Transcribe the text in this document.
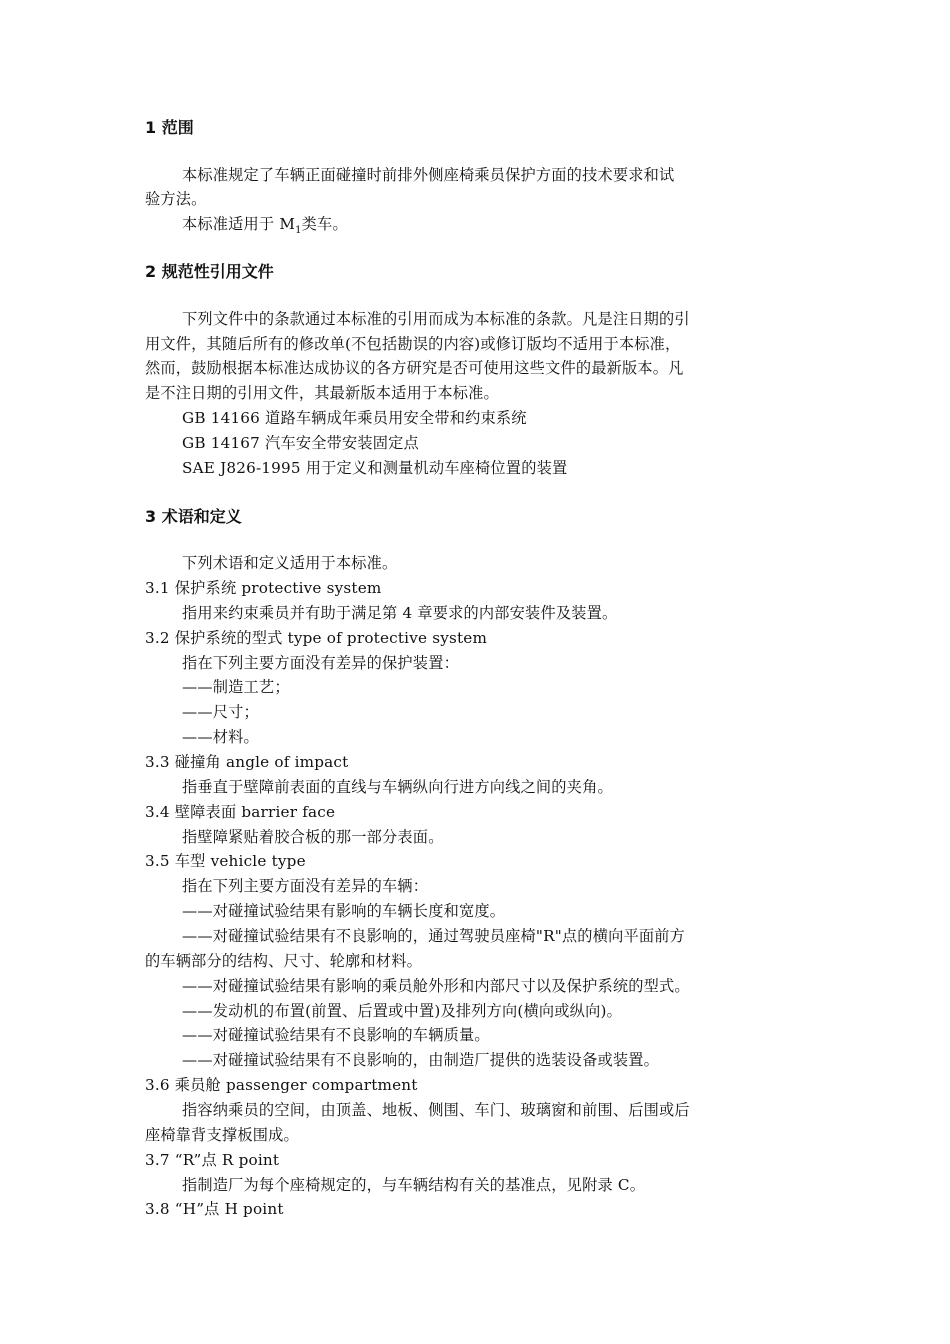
1 范围
本标准规定了车辆正面碰撞时前排外侧座椅乘员保护方面的技术要求和试
验方法。
本标准适用于 $M_1$类车。
2 规范性引用文件
下列文件中的条款通过本标准的引用而成为本标准的条款。凡是注日期的引
用文件，其随后所有的修改单(不包括勘误的内容)或修订版均不适用于本标准，
然而，鼓励根据本标准达成协议的各方研究是否可使用这些文件的最新版本。凡
是不注日期的引用文件，其最新版本适用于本标准。
GB 14166 道路车辆成年乘员用安全带和约束系统
GB 14167 汽车安全带安装固定点
SAE J826-1995 用于定义和测量机动车座椅位置的装置
3 术语和定义
下列术语和定义适用于本标准。
3.1 保护系统 protective system
指用来约束乘员并有助于满足第 4 章要求的内部安装件及装置。
3.2 保护系统的型式 type of protective system
指在下列主要方面没有差异的保护装置：
——制造工艺；
——尺寸；
——材料。
3.3 碰撞角 angle of impact
指垂直于壁障前表面的直线与车辆纵向行进方向线之间的夹角。
3.4 壁障表面 barrier face
指壁障紧贴着胶合板的那一部分表面。
3.5 车型 vehicle type
指在下列主要方面没有差异的车辆：
——对碰撞试验结果有影响的车辆长度和宽度。
——对碰撞试验结果有不良影响的，通过驾驶员座椅"R"点的横向平面前方
的车辆部分的结构、尺寸、轮廓和材料。
——对碰撞试验结果有影响的乘员舱外形和内部尺寸以及保护系统的型式。
——发动机的布置(前置、后置或中置)及排列方向(横向或纵向)。
——对碰撞试验结果有不良影响的车辆质量。
——对碰撞试验结果有不良影响的，由制造厂提供的选装设备或装置。
3.6 乘员舱 passenger compartment
指容纳乘员的空间，由顶盖、地板、侧围、车门、玻璃窗和前围、后围或后
座椅靠背支撑板围成。
3.7 “R”点 R point
指制造厂为每个座椅规定的，与车辆结构有关的基准点，见附录 C。
3.8 “H”点 H point
